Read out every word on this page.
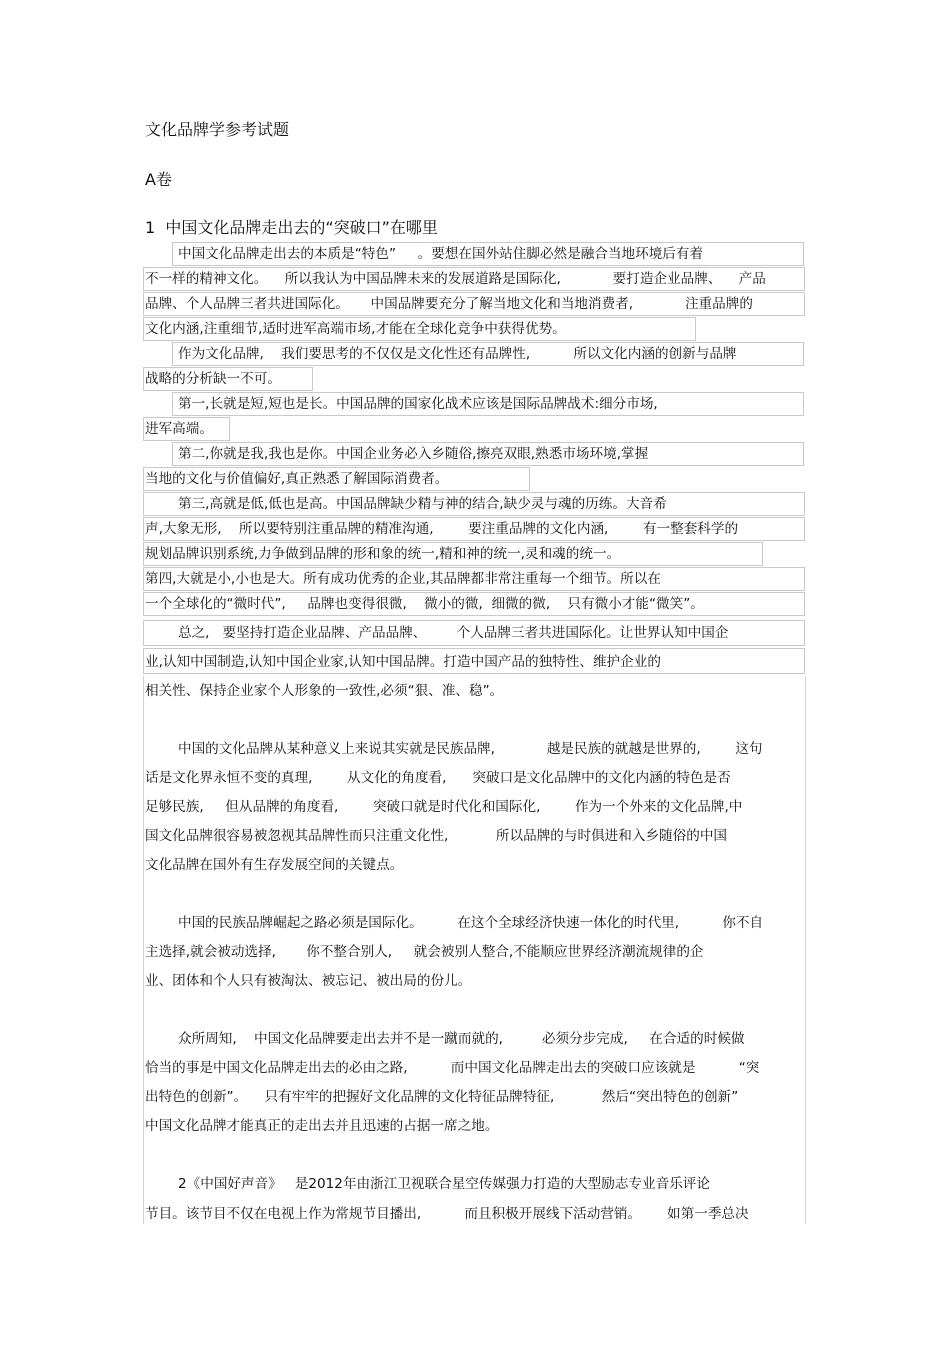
文化品牌学参考试题
A卷
1  中国文化品牌走出去的“突破口”在哪里
中国文化品牌走出去的本质是“特色”     。要想在国外站住脚必然是融合当地环境后有着
不一样的精神文化。    所以我认为中国品牌未来的发展道路是国际化,            要打造企业品牌、    产品
品牌、个人品牌三者共进国际化。     中国品牌要充分了解当地文化和当地消费者,            注重品牌的
文化内涵,注重细节,适时进军高端市场,才能在全球化竞争中获得优势。
作为文化品牌,    我们要思考的不仅仅是文化性还有品牌性,          所以文化内涵的创新与品牌
战略的分析缺一不可。
第一,长就是短,短也是长。中国品牌的国家化战术应该是国际品牌战术:细分市场,
进军高端。
第二,你就是我,我也是你。中国企业务必入乡随俗,擦亮双眼,熟悉市场环境,掌握
当地的文化与价值偏好,真正熟悉了解国际消费者。
第三,高就是低,低也是高。中国品牌缺少精与神的结合,缺少灵与魂的历练。大音希
声,大象无形,    所以要特别注重品牌的精准沟通,        要注重品牌的文化内涵,        有一整套科学的
规划品牌识别系统,力争做到品牌的形和象的统一,精和神的统一,灵和魂的统一。
第四,大就是小,小也是大。所有成功优秀的企业,其品牌都非常注重每一个细节。所以在
一个全球化的“微时代”,     品牌也变得很微,    微小的微,  细微的微,    只有微小才能“微笑”。
总之,   要坚持打造企业品牌、产品品牌、       个人品牌三者共进国际化。让世界认知中国企
业,认知中国制造,认知中国企业家,认知中国品牌。打造中国产品的独特性、维护企业的
相关性、保持企业家个人形象的一致性,必须“狠、准、稳”。
中国的文化品牌从某种意义上来说其实就是民族品牌,            越是民族的就越是世界的,        这句
话是文化界永恒不变的真理,        从文化的角度看,      突破口是文化品牌中的文化内涵的特色是否
足够民族,     但从品牌的角度看,        突破口就是时代化和国际化,        作为一个外来的文化品牌,中
国文化品牌很容易被忽视其品牌性而只注重文化性,           所以品牌的与时俱进和入乡随俗的中国
文化品牌在国外有生存发展空间的关键点。
中国的民族品牌崛起之路必须是国际化。        在这个全球经济快速一体化的时代里,          你不自
主选择,就会被动选择,       你不整合别人,     就会被别人整合,不能顺应世界经济潮流规律的企
业、团体和个人只有被淘汰、被忘记、被出局的份儿。
众所周知,    中国文化品牌要走出去并不是一蹴而就的,         必须分步完成,     在合适的时候做
恰当的事是中国文化品牌走出去的必由之路,          而中国文化品牌走出去的突破口应该就是          “突
出特色的创新”。    只有牢牢的把握好文化品牌的文化特征品牌特征,           然后“突出特色的创新”
中国文化品牌才能真正的走出去并且迅速的占据一席之地。
2《中国好声音》   是2012年由浙江卫视联合星空传媒强力打造的大型励志专业音乐评论
节目。该节目不仅在电视上作为常规节目播出,          而且积极开展线下活动营销。      如第一季总决
